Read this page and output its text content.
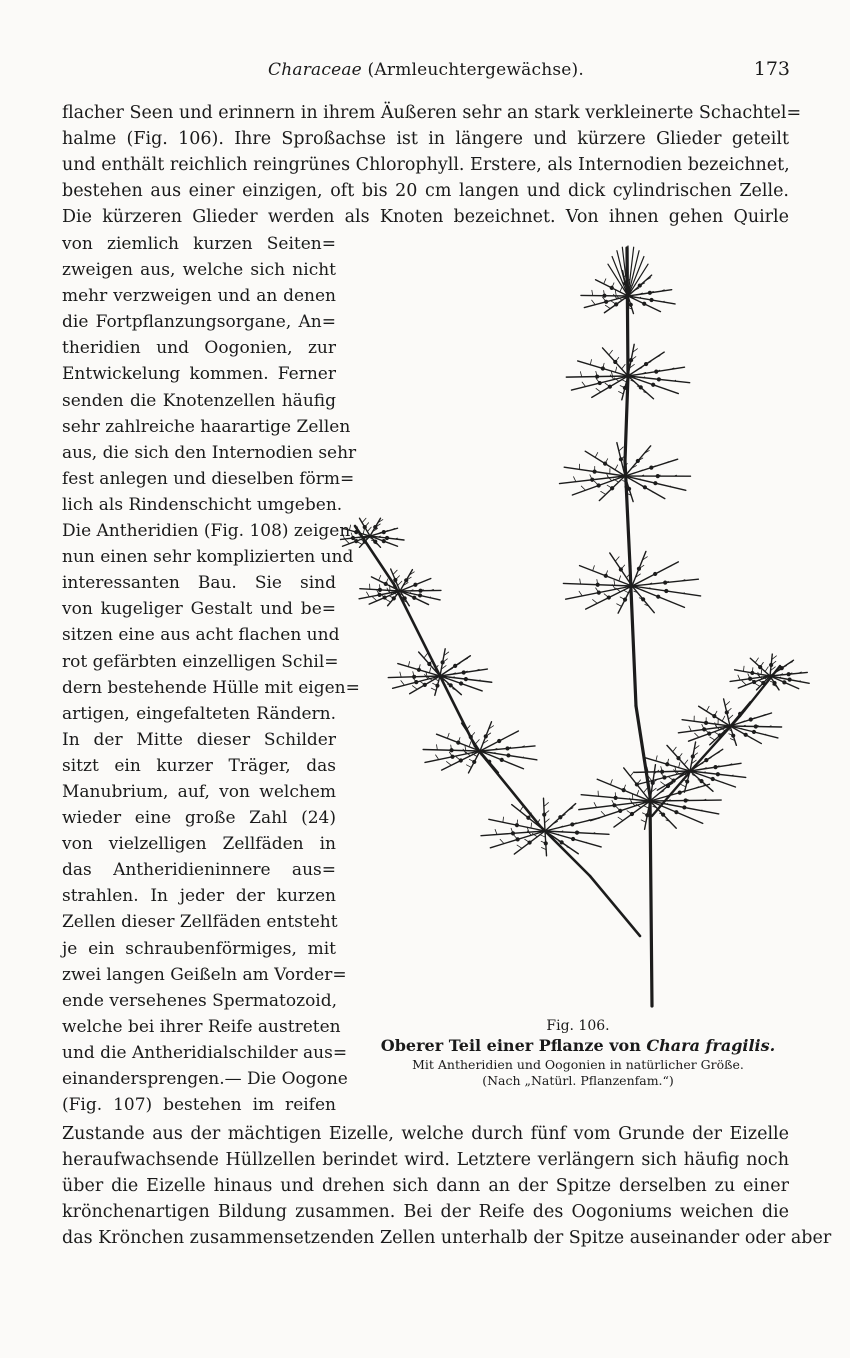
Characeae (Armleuchtergewächse).	173
flacher Seen und erinnern in ihrem Äußeren sehr an stark verkleinerte Schachtel=
halme (Fig. 106). Ihre Sproßachse ist in längere und kürzere Glieder geteilt
und enthält reichlich reingrünes Chlorophyll. Erstere, als Internodien bezeichnet,
bestehen aus einer einzigen, oft bis 20 cm langen und dick cylindrischen Zelle.
Die kürzeren Glieder werden als Knoten bezeichnet. Von ihnen gehen Quirle
von ziemlich kurzen Seiten=
zweigen aus, welche sich nicht
mehr verzweigen und an denen
die Fortpflanzungsorgane, An=
theridien und Oogonien, zur
Entwickelung kommen. Ferner
senden die Knotenzellen häufig
sehr zahlreiche haarartige Zellen
aus, die sich den Internodien sehr
fest anlegen und dieselben förm=
lich als Rindenschicht umgeben.
Die Antheridien (Fig. 108) zeigen
nun einen sehr komplizierten und
interessanten Bau. Sie sind
von kugeliger Gestalt und be=
sitzen eine aus acht flachen und
rot gefärbten einzelligen Schil=
dern bestehende Hülle mit eigen=
artigen, eingefalteten Rändern.
In der Mitte dieser Schilder
sitzt ein kurzer Träger, das
Manubrium, auf, von welchem
wieder eine große Zahl (24)
von vielzelligen Zellfäden in
das Antheridieninnere aus=
strahlen. In jeder der kurzen
Zellen dieser Zellfäden entsteht
je ein schraubenförmiges, mit
zwei langen Geißeln am Vorder=
ende versehenes Spermatozoid,
welche bei ihrer Reife austreten
und die Antheridialschilder aus=
einandersprengen.— Die Oogone
(Fig. 107) bestehen im reifen
Fig. 106.
Oberer Teil einer Pflanze von Chara fragilis.
Mit Antheridien und Oogonien in natürlicher Größe.
(Nach „Natürl. Pflanzenfam.“)
Zustande aus der mächtigen Eizelle, welche durch fünf vom Grunde der Eizelle
heraufwachsende Hüllzellen berindet wird. Letztere verlängern sich häufig noch
über die Eizelle hinaus und drehen sich dann an der Spitze derselben zu einer
krönchenartigen Bildung zusammen. Bei der Reife des Oogoniums weichen die
das Krönchen zusammensetzenden Zellen unterhalb der Spitze auseinander oder aber
